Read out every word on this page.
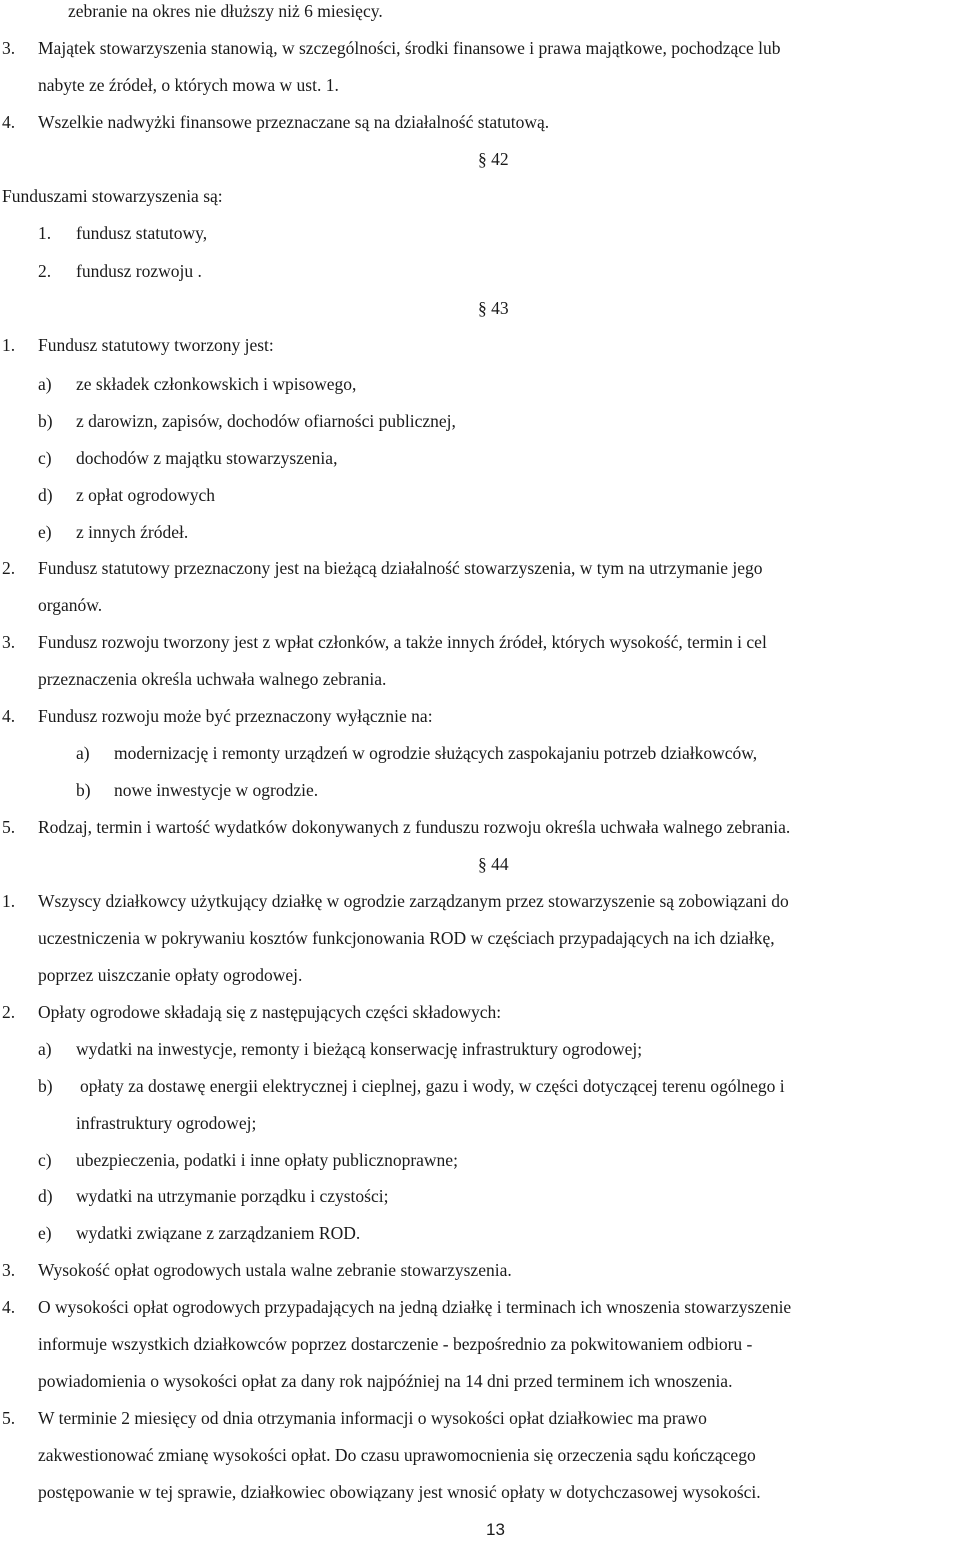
zebranie na okres nie dłuższy niż 6 miesięcy.
3. Majątek stowarzyszenia stanowią, w szczególności, środki finansowe i prawa majątkowe, pochodzące lub
nabyte ze źródeł, o których mowa w ust. 1.
4. Wszelkie nadwyżki finansowe przeznaczane są na działalność statutową.
§ 42
Funduszami stowarzyszenia są:
1. fundusz statutowy,
2. fundusz rozwoju .
§ 43
1. Fundusz statutowy tworzony jest:
a) ze składek członkowskich i wpisowego,
b) z darowizn, zapisów, dochodów ofiarności publicznej,
c) dochodów z majątku stowarzyszenia,
d) z opłat ogrodowych
e) z innych źródeł.
2. Fundusz statutowy przeznaczony jest na bieżącą działalność stowarzyszenia, w tym na utrzymanie jego
organów.
3. Fundusz rozwoju tworzony jest z wpłat członków, a także innych źródeł, których wysokość, termin i cel
przeznaczenia określa uchwała walnego zebrania.
4. Fundusz rozwoju może być przeznaczony wyłącznie na:
a) modernizację i remonty urządzeń w ogrodzie służących zaspokajaniu potrzeb działkowców,
b) nowe inwestycje w ogrodzie.
5. Rodzaj, termin i wartość wydatków dokonywanych z funduszu rozwoju określa uchwała walnego zebrania.
§ 44
1. Wszyscy działkowcy użytkujący działkę w ogrodzie zarządzanym przez stowarzyszenie są zobowiązani do
uczestniczenia w pokrywaniu kosztów funkcjonowania ROD w częściach przypadających na ich działkę,
poprzez uiszczanie opłaty ogrodowej.
2. Opłaty ogrodowe składają się z następujących części składowych:
a) wydatki na inwestycje, remonty i bieżącą konserwację infrastruktury ogrodowej;
b) opłaty za dostawę energii elektrycznej i cieplnej, gazu i wody, w części dotyczącej terenu ogólnego i
infrastruktury ogrodowej;
c) ubezpieczenia, podatki i inne opłaty publicznoprawne;
d) wydatki na utrzymanie porządku i czystości;
e) wydatki związane z zarządzaniem ROD.
3. Wysokość opłat ogrodowych ustala walne zebranie stowarzyszenia.
4. O wysokości opłat ogrodowych przypadających na jedną działkę i terminach ich wnoszenia stowarzyszenie
informuje wszystkich działkowców poprzez dostarczenie - bezpośrednio za pokwitowaniem odbioru -
powiadomienia o wysokości opłat za dany rok najpóźniej na 14 dni przed terminem ich wnoszenia.
5. W terminie 2 miesięcy od dnia otrzymania informacji o wysokości opłat działkowiec ma prawo
zakwestionować zmianę wysokości opłat. Do czasu uprawomocnienia się orzeczenia sądu kończącego
postępowanie w tej sprawie, działkowiec obowiązany jest wnosić opłaty w dotychczasowej wysokości.
13
